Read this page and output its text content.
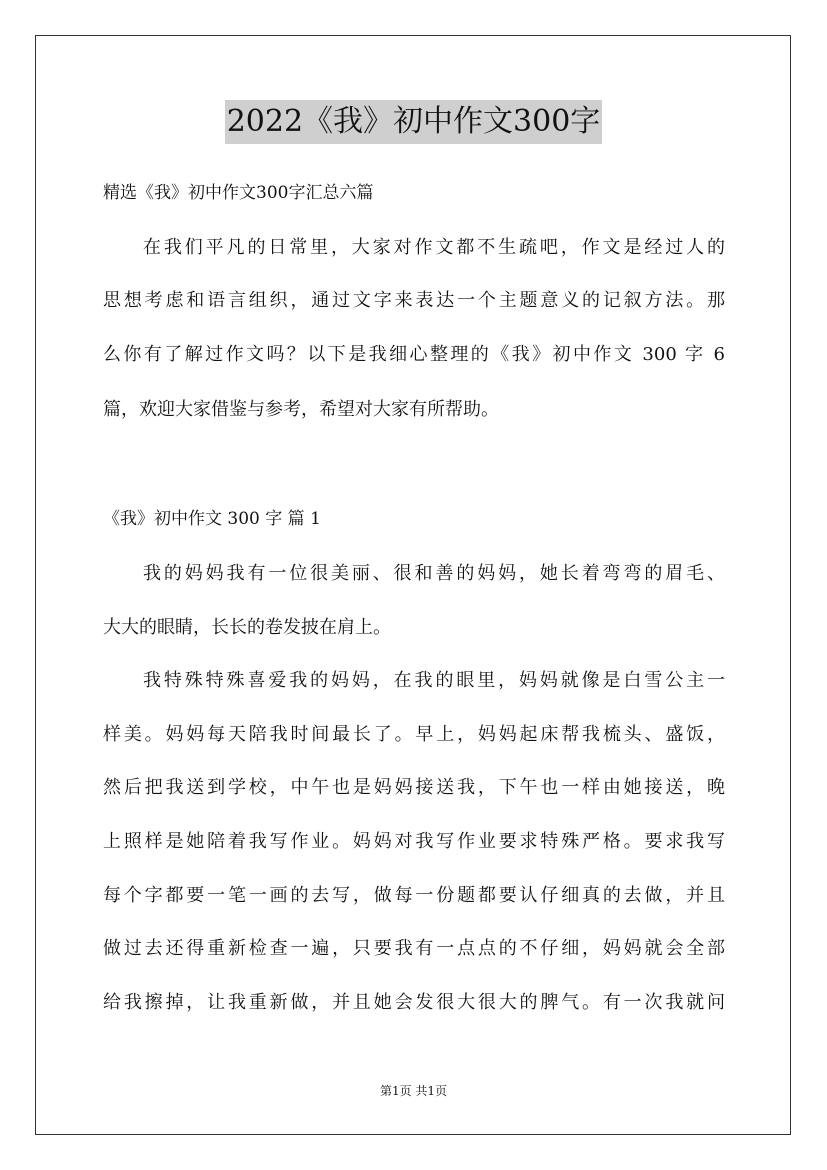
2022《我》初中作文300字
精选《我》初中作文300字汇总六篇
在我们平凡的日常里，大家对作文都不生疏吧，作文是经过人的
思想考虑和语言组织，通过文字来表达一个主题意义的记叙方法。那
么你有了解过作文吗？以下是我细心整理的《我》初中作文 300 字 6
篇，欢迎大家借鉴与参考，希望对大家有所帮助。
《我》初中作文 300 字 篇 1
我的妈妈我有一位很美丽、很和善的妈妈，她长着弯弯的眉毛、
大大的眼睛，长长的卷发披在肩上。
我特殊特殊喜爱我的妈妈，在我的眼里，妈妈就像是白雪公主一
样美。妈妈每天陪我时间最长了。早上，妈妈起床帮我梳头、盛饭，
然后把我送到学校，中午也是妈妈接送我，下午也一样由她接送，晚
上照样是她陪着我写作业。妈妈对我写作业要求特殊严格。要求我写
每个字都要一笔一画的去写，做每一份题都要认仔细真的去做，并且
做过去还得重新检查一遍，只要我有一点点的不仔细，妈妈就会全部
给我擦掉，让我重新做，并且她会发很大很大的脾气。有一次我就问
第1页 共1页
